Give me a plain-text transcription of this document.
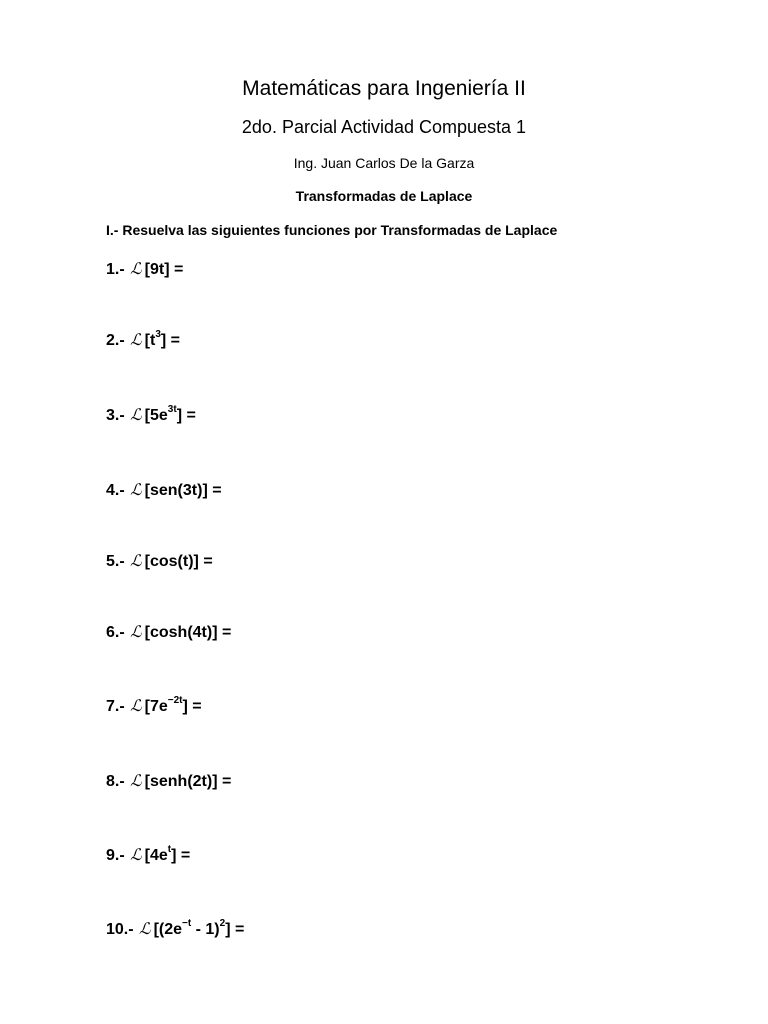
Matemáticas para Ingeniería II
2do. Parcial Actividad Compuesta 1
Ing. Juan Carlos De la Garza
Transformadas de Laplace
I.- Resuelva las siguientes funciones por Transformadas de Laplace
1.- ℒ [9t] =
2.- ℒ $[t^3]$ =
3.- ℒ $[5e^{3t}]$ =
4.- ℒ [sen(3t)] =
5.- ℒ [cos(t)] =
6.- ℒ [cosh(4t)] =
7.- ℒ $[7e^{-2t}]$ =
8.- ℒ [senh(2t)] =
9.- ℒ $[4e^t]$ =
10.- ℒ $[(2e^{-t} - 1)^2]$ =
